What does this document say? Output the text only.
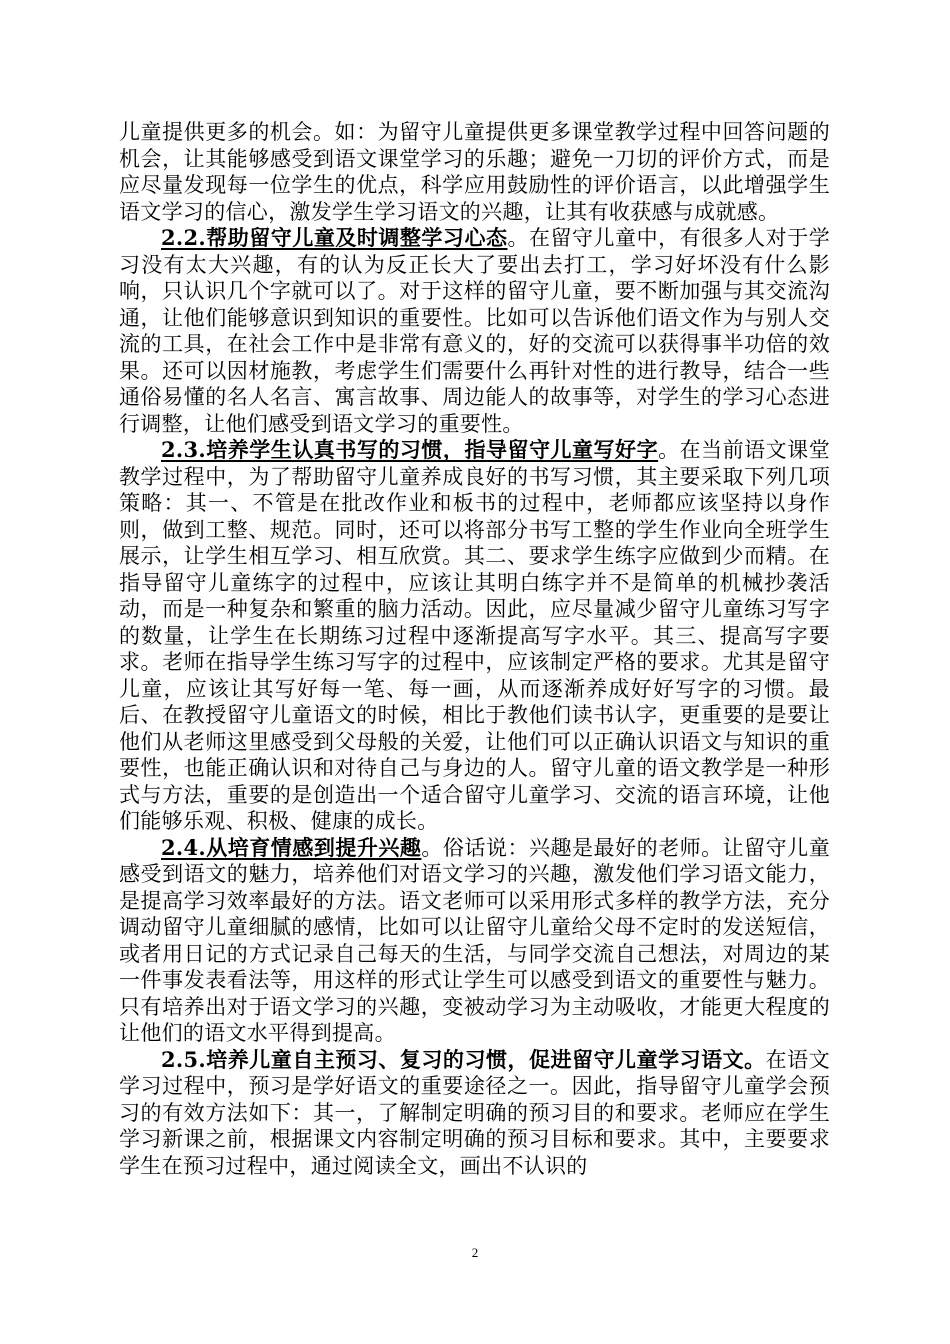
儿童提供更多的机会。如：为留守儿童提供更多课堂教学过程中回答问题的机会，让其能够感受到语文课堂学习的乐趣；避免一刀切的评价方式，而是应尽量发现每一位学生的优点，科学应用鼓励性的评价语言，以此增强学生语文学习的信心，激发学生学习语文的兴趣，让其有收获感与成就感。

2.2.帮助留守儿童及时调整学习心态。在留守儿童中，有很多人对于学习没有太大兴趣，有的认为反正长大了要出去打工，学习好坏没有什么影响，只认识几个字就可以了。对于这样的留守儿童，要不断加强与其交流沟通，让他们能够意识到知识的重要性。比如可以告诉他们语文作为与别人交流的工具，在社会工作中是非常有意义的，好的交流可以获得事半功倍的效果。还可以因材施教，考虑学生们需要什么再针对性的进行教导，结合一些通俗易懂的名人名言、寓言故事、周边能人的故事等，对学生的学习心态进行调整，让他们感受到语文学习的重要性。

2.3.培养学生认真书写的习惯，指导留守儿童写好字。在当前语文课堂教学过程中，为了帮助留守儿童养成良好的书写习惯，其主要采取下列几项策略：其一、不管是在批改作业和板书的过程中，老师都应该坚持以身作则，做到工整、规范。同时，还可以将部分书写工整的学生作业向全班学生展示，让学生相互学习、相互欣赏。其二、要求学生练字应做到少而精。在指导留守儿童练字的过程中，应该让其明白练字并不是简单的机械抄袭活动，而是一种复杂和繁重的脑力活动。因此，应尽量减少留守儿童练习写字的数量，让学生在长期练习过程中逐渐提高写字水平。其三、提高写字要求。老师在指导学生练习写字的过程中，应该制定严格的要求。尤其是留守儿童，应该让其写好每一笔、每一画，从而逐渐养成好好写字的习惯。最后、在教授留守儿童语文的时候，相比于教他们读书认字，更重要的是要让他们从老师这里感受到父母般的关爱，让他们可以正确认识语文与知识的重要性，也能正确认识和对待自己与身边的人。留守儿童的语文教学是一种形式与方法，重要的是创造出一个适合留守儿童学习、交流的语言环境，让他们能够乐观、积极、健康的成长。

2.4.从培育情感到提升兴趣。俗话说：兴趣是最好的老师。让留守儿童感受到语文的魅力，培养他们对语文学习的兴趣，激发他们学习语文能力，是提高学习效率最好的方法。语文老师可以采用形式多样的教学方法，充分调动留守儿童细腻的感情，比如可以让留守儿童给父母不定时的发送短信，或者用日记的方式记录自己每天的生活，与同学交流自己想法，对周边的某一件事发表看法等，用这样的形式让学生可以感受到语文的重要性与魅力。只有培养出对于语文学习的兴趣，变被动学习为主动吸收，才能更大程度的让他们的语文水平得到提高。

2.5.培养儿童自主预习、复习的习惯，促进留守儿童学习语文。在语文学习过程中，预习是学好语文的重要途径之一。因此，指导留守儿童学会预习的有效方法如下：其一，了解制定明确的预习目的和要求。老师应在学生学习新课之前，根据课文内容制定明确的预习目标和要求。其中，主要要求学生在预习过程中，通过阅读全文，画出不认识的

2
